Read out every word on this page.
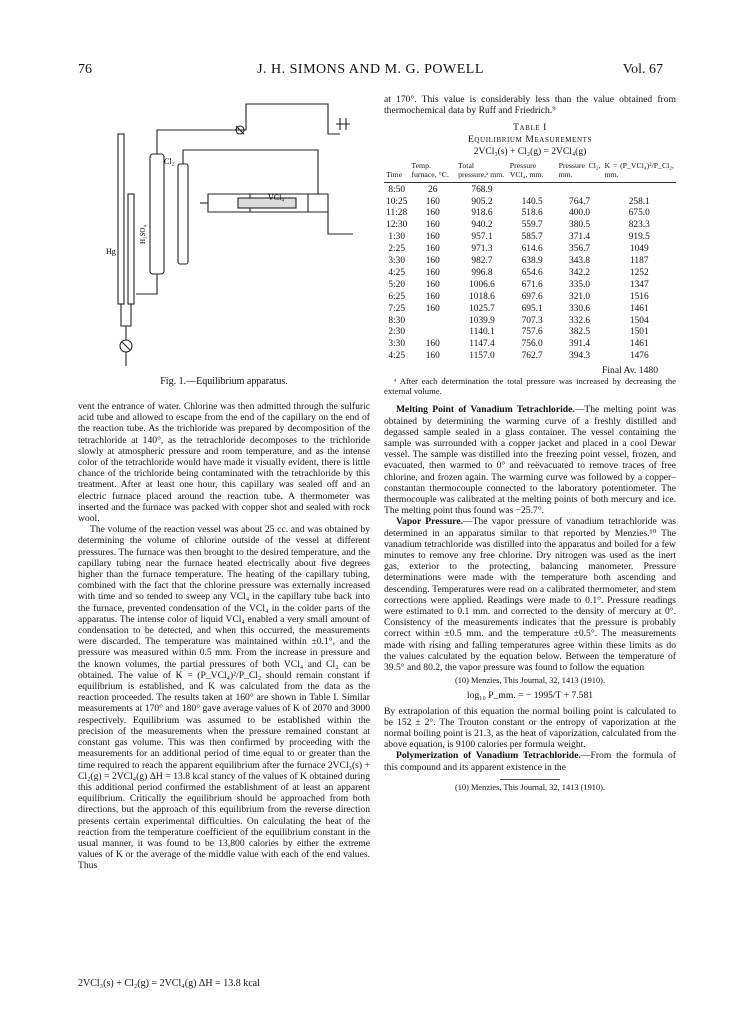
76	J. H. SIMONS AND M. G. POWELL	Vol. 67
Cl₂
VCl₄
H₂SO₄
Hg
Fig. 1.—Equilibrium apparatus.

vent the entrance of water. Chlorine was then admitted through the sulfuric acid tube and allowed to escape from the end of the capillary on the end of the reaction tube. As the trichloride was prepared by decomposition of the tetrachloride at 140°, as the tetrachloride decomposes to the trichloride slowly at atmospheric pressure and room temperature, and as the intense color of the tetrachloride would have made it visually evident, there is little chance of the trichloride being contaminated with the tetrachloride by this treatment. After at least one hour, this capillary was sealed off and an electric furnace placed around the reaction tube. A thermometer was inserted and the furnace was packed with copper shot and sealed with rock wool.

The volume of the reaction vessel was about 25 cc. and was obtained by determining the volume of chlorine outside of the vessel at different pressures. The furnace was then brought to the desired temperature, and the capillary tubing near the furnace heated electrically about five degrees higher than the furnace temperature. The heating of the capillary tubing, combined with the fact that the chlorine pressure was externally increased with time and so tended to sweep any VCl₄ in the capillary tube back into the furnace, prevented condensation of the VCl₄ in the colder parts of the apparatus. The intense color of liquid VCl₄ enabled a very small amount of condensation to be detected, and when this occurred, the measurements were discarded. The temperature was maintained within ±0.1°, and the pressure was measured within 0.5 mm. From the increase in pressure and the known volumes, the partial pressures of both VCl₄ and Cl₂ can be obtained. The value of K = (P_VCl₄)²/P_Cl₂ should remain constant if equilibrium is established, and K was calculated from the data as the reaction proceeded. The results taken at 160° are shown in Table I. Similar measurements at 170° and 180° gave average values of K of 2070 and 3000 respectively. Equilibrium was assumed to be established within the precision of the measurements when the pressure remained constant at constant gas volume. This was then confirmed by proceeding with the measurements for an additional period of time equal to or greater than the time required to reach the apparent equilibrium after the furnace 2VCl₃(s) + Cl₂(g) = 2VCl₄(g) ΔH = 13.8 kcal stancy of the values of K obtained during this additional period confirmed the establishment of at least an apparent equilibrium. Critically the equilibrium should be approached from both directions, but the approach of this equilibrium from the reverse direction presents certain experimental difficulties. On calculating the heat of the reaction from the temperature coefficient of the equilibrium constant in the usual manner, it was found to be 13,800 calories by either the extreme values of K or the average of the middle value with each of the end values. Thus

2VCl₃(s) + Cl₂(g) = 2VCl₄(g) ΔH = 13.8 kcal

at 170°. This value is considerably less than the value obtained from thermochemical data by Ruff and Friedrich.⁹

Table I
Equilibrium Measurements
2VCl₃(s) + Cl₂(g) = 2VCl₄(g)
Time	Temp. furnace, °C.	Total pressure,ᵃ mm.	Pressure VCl₄, mm.	Pressure Cl₂, mm.	K = (P_VCl₄)²/P_Cl₂, mm.
8:50	26	768.9			
10:25	160	905.2	140.5	764.7	258.1
11:28	160	918.6	518.6	400.0	675.0
12:30	160	940.2	559.7	380.5	823.3
1:30	160	957.1	585.7	371.4	919.5
2:25	160	971.3	614.6	356.7	1049
3:30	160	982.7	638.9	343.8	1187
4:25	160	996.8	654.6	342.2	1252
5:20	160	1006.6	671.6	335.0	1347
6:25	160	1018.6	697.6	321.0	1516
7:25	160	1025.7	695.1	330.6	1461
8:30		1039.9	707.3	332.6	1504
2:30		1140.1	757.6	382.5	1501
3:30	160	1147.4	756.0	391.4	1461
4:25	160	1157.0	762.7	394.3	1476
Final Av. 1480

ᵃ After each determination the total pressure was increased by decreasing the external volume.

Melting Point of Vanadium Tetrachloride.—The melting point was obtained by determining the warming curve of a freshly distilled and degassed sample sealed in a glass container. The vessel containing the sample was surrounded with a copper jacket and placed in a cool Dewar vessel. The sample was distilled into the freezing point vessel, frozen, and evacuated, then warmed to 0° and reëvacuated to remove traces of free chlorine, and frozen again. The warming curve was followed by a copper–constantan thermocouple connected to the laboratory potentiometer. The thermocouple was calibrated at the melting points of both mercury and ice. The melting point thus found was −25.7°.

Vapor Pressure.—The vapor pressure of vanadium tetrachloride was determined in an apparatus similar to that reported by Menzies.¹⁰ The vanadium tetrachloride was distilled into the apparatus and boiled for a few minutes to remove any free chlorine. Dry nitrogen was used as the inert gas, exterior to the protecting, balancing manometer. Pressure determinations were made with the temperature both ascending and descending. Temperatures were read on a calibrated thermometer, and stem corrections were applied. Readings were made to 0.1°. Pressure readings were estimated to 0.1 mm. and corrected to the density of mercury at 0°. Consistency of the measurements indicates that the pressure is probably correct within ±0.5 mm. and the temperature ±0.5°. The measurements made with rising and falling temperatures agree within these limits as do the values calculated by the equation below. Between the temperature of 39.5° and 80.2, the vapor pressure was found to follow the equation

(10) Menzies, This Journal, 32, 1413 (1910).
log₁₀ P_mm. = − 1995/T + 7.581

By extrapolation of this equation the normal boiling point is calculated to be 152 ± 2°. The Trouton constant or the entropy of vaporization at the normal boiling point is 21.3, as the heat of vaporization, calculated from the above equation, is 9100 calories per formula weight.

Polymerization of Vanadium Tetrachloride.—From the formula of this compound and its apparent existence in the

(10) Menzies, This Journal, 32, 1413 (1910).
